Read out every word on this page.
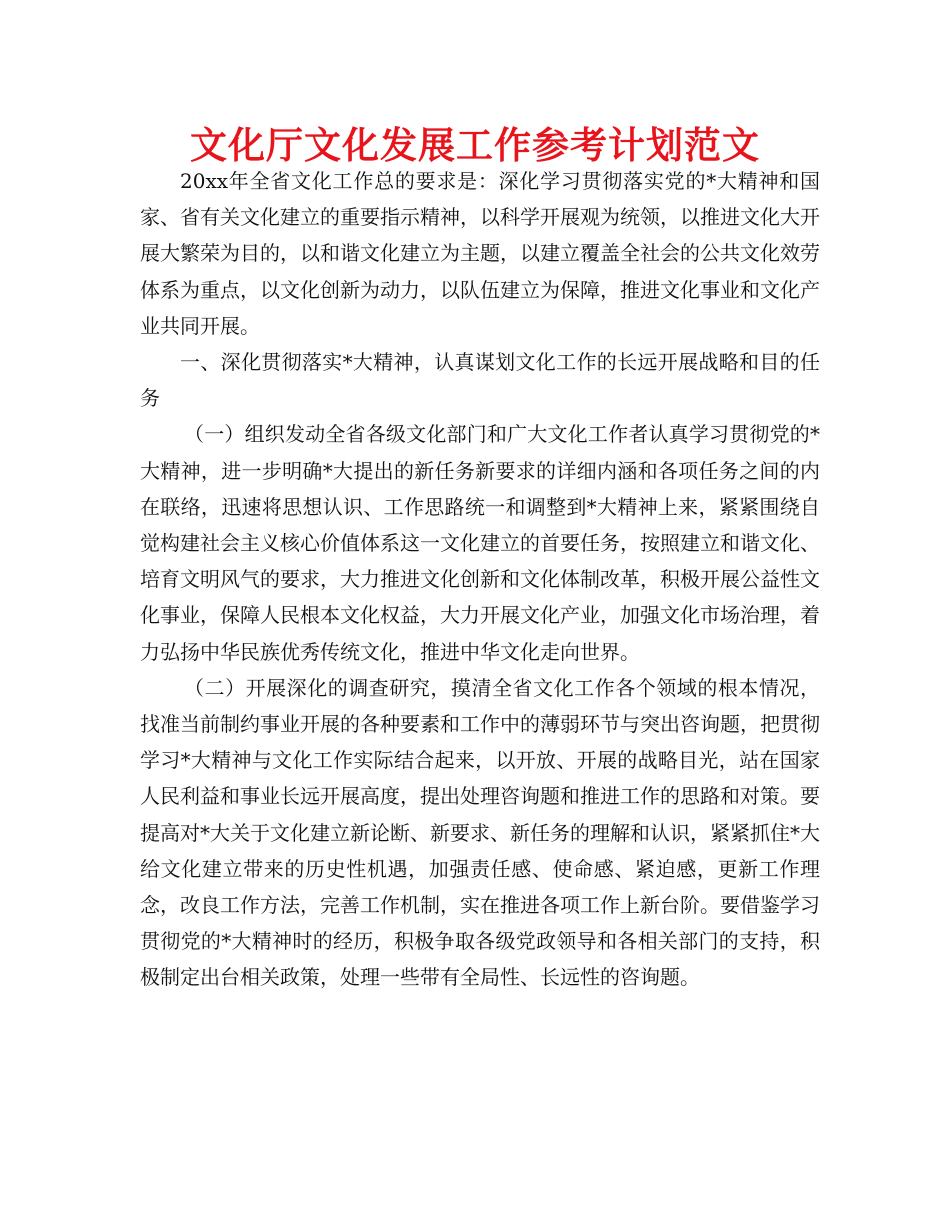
文化厅文化发展工作参考计划范文

20xx年全省文化工作总的要求是：深化学习贯彻落实党的*大精神和国家、省有关文化建立的重要指示精神，以科学开展观为统领，以推进文化大开展大繁荣为目的，以和谐文化建立为主题，以建立覆盖全社会的公共文化效劳体系为重点，以文化创新为动力，以队伍建立为保障，推进文化事业和文化产业共同开展。

一、深化贯彻落实*大精神，认真谋划文化工作的长远开展战略和目的任务

（一）组织发动全省各级文化部门和广大文化工作者认真学习贯彻党的*大精神，进一步明确*大提出的新任务新要求的详细内涵和各项任务之间的内在联络，迅速将思想认识、工作思路统一和调整到*大精神上来，紧紧围绕自觉构建社会主义核心价值体系这一文化建立的首要任务，按照建立和谐文化、培育文明风气的要求，大力推进文化创新和文化体制改革，积极开展公益性文化事业，保障人民根本文化权益，大力开展文化产业，加强文化市场治理，着力弘扬中华民族优秀传统文化，推进中华文化走向世界。

（二）开展深化的调查研究，摸清全省文化工作各个领域的根本情况，找准当前制约事业开展的各种要素和工作中的薄弱环节与突出咨询题，把贯彻学习*大精神与文化工作实际结合起来，以开放、开展的战略目光，站在国家人民利益和事业长远开展高度，提出处理咨询题和推进工作的思路和对策。要提高对*大关于文化建立新论断、新要求、新任务的理解和认识，紧紧抓住*大给文化建立带来的历史性机遇，加强责任感、使命感、紧迫感，更新工作理念，改良工作方法，完善工作机制，实在推进各项工作上新台阶。要借鉴学习贯彻党的*大精神时的经历，积极争取各级党政领导和各相关部门的支持，积极制定出台相关政策，处理一些带有全局性、长远性的咨询题。
